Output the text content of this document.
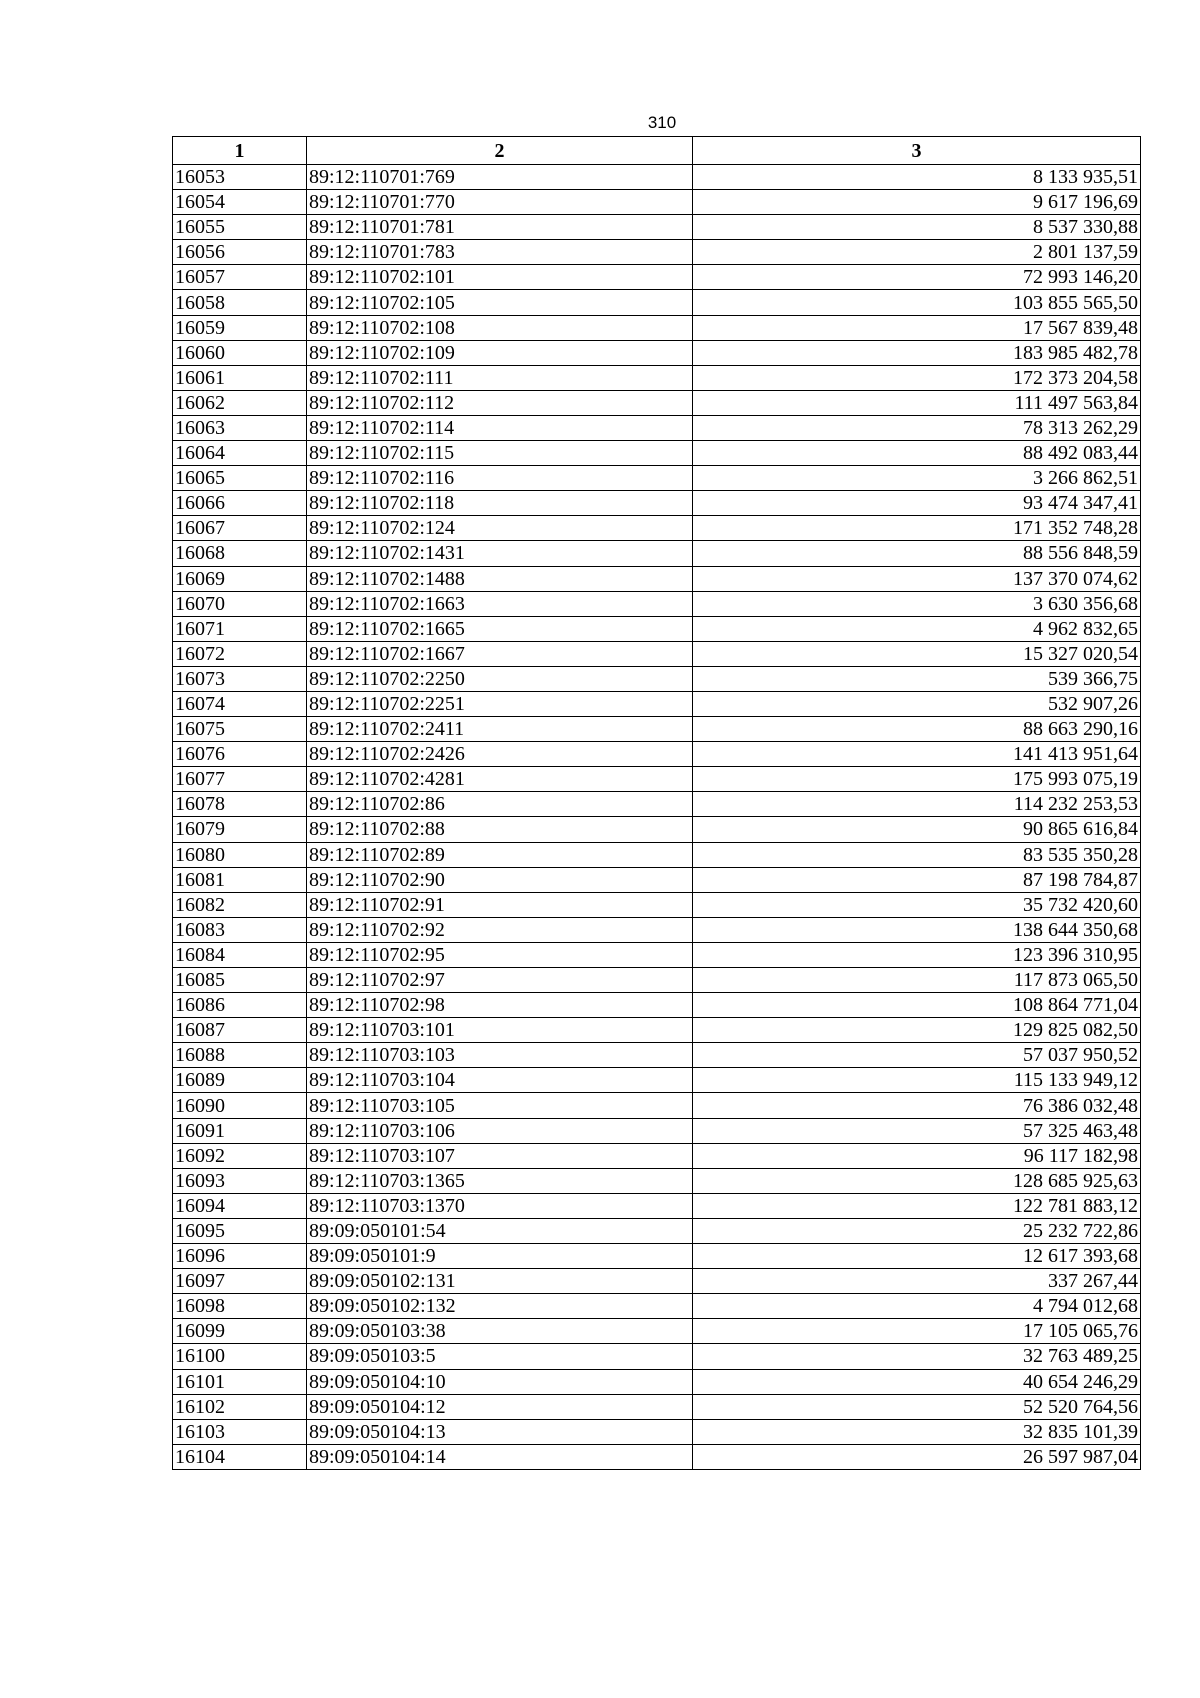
310
1	2	3
16053	89:12:110701:769	8 133 935,51
16054	89:12:110701:770	9 617 196,69
16055	89:12:110701:781	8 537 330,88
16056	89:12:110701:783	2 801 137,59
16057	89:12:110702:101	72 993 146,20
16058	89:12:110702:105	103 855 565,50
16059	89:12:110702:108	17 567 839,48
16060	89:12:110702:109	183 985 482,78
16061	89:12:110702:111	172 373 204,58
16062	89:12:110702:112	111 497 563,84
16063	89:12:110702:114	78 313 262,29
16064	89:12:110702:115	88 492 083,44
16065	89:12:110702:116	3 266 862,51
16066	89:12:110702:118	93 474 347,41
16067	89:12:110702:124	171 352 748,28
16068	89:12:110702:1431	88 556 848,59
16069	89:12:110702:1488	137 370 074,62
16070	89:12:110702:1663	3 630 356,68
16071	89:12:110702:1665	4 962 832,65
16072	89:12:110702:1667	15 327 020,54
16073	89:12:110702:2250	539 366,75
16074	89:12:110702:2251	532 907,26
16075	89:12:110702:2411	88 663 290,16
16076	89:12:110702:2426	141 413 951,64
16077	89:12:110702:4281	175 993 075,19
16078	89:12:110702:86	114 232 253,53
16079	89:12:110702:88	90 865 616,84
16080	89:12:110702:89	83 535 350,28
16081	89:12:110702:90	87 198 784,87
16082	89:12:110702:91	35 732 420,60
16083	89:12:110702:92	138 644 350,68
16084	89:12:110702:95	123 396 310,95
16085	89:12:110702:97	117 873 065,50
16086	89:12:110702:98	108 864 771,04
16087	89:12:110703:101	129 825 082,50
16088	89:12:110703:103	57 037 950,52
16089	89:12:110703:104	115 133 949,12
16090	89:12:110703:105	76 386 032,48
16091	89:12:110703:106	57 325 463,48
16092	89:12:110703:107	96 117 182,98
16093	89:12:110703:1365	128 685 925,63
16094	89:12:110703:1370	122 781 883,12
16095	89:09:050101:54	25 232 722,86
16096	89:09:050101:9	12 617 393,68
16097	89:09:050102:131	337 267,44
16098	89:09:050102:132	4 794 012,68
16099	89:09:050103:38	17 105 065,76
16100	89:09:050103:5	32 763 489,25
16101	89:09:050104:10	40 654 246,29
16102	89:09:050104:12	52 520 764,56
16103	89:09:050104:13	32 835 101,39
16104	89:09:050104:14	26 597 987,04
